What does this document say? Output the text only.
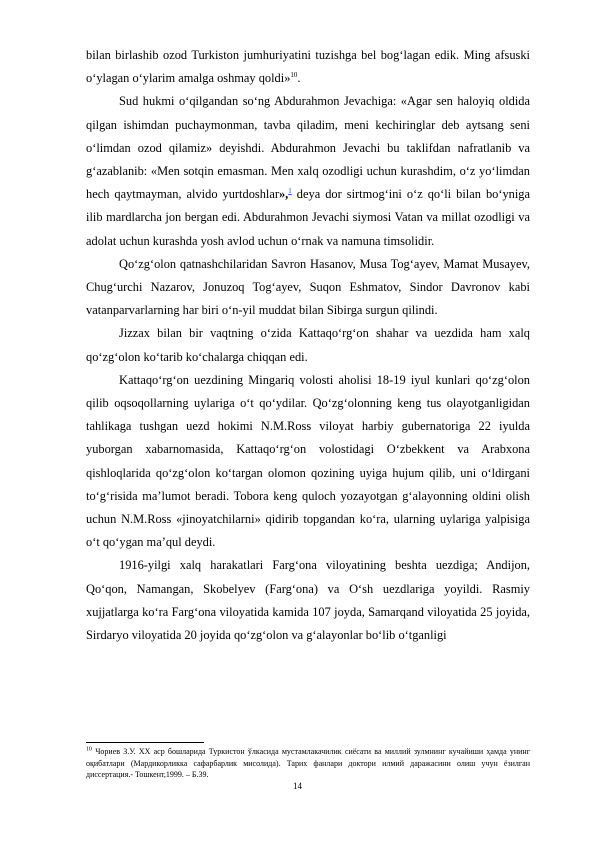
bilan birlashib ozod Turkiston jumhuriyatini tuzishga bel bog‘lagan edik. Ming afsuski o‘ylagan o‘ylarim amalga oshmay qoldi»$^{10}$.

Sud hukmi o‘qilgandan so‘ng Abdurahmon Jevachiga: «Agar sen haloyiq oldida qilgan ishimdan puchaymonman, tavba qiladim, meni kechiringlar deb aytsang seni o‘limdan ozod qilamiz» deyishdi. Abdurahmon Jevachi bu taklifdan nafratlanib va g‘azablanib: «Men sotqin emasman. Men xalq ozodligi uchun kurashdim, o‘z yo‘limdan hech qaytmayman, alvido yurtdoshlar»,$^1$ deya dor sirtmog‘ini o‘z qo‘li bilan bo‘yniga ilib mardlarcha jon bergan edi. Abdurahmon Jevachi siymosi Vatan va millat ozodligi va adolat uchun kurashda yosh avlod uchun o‘rnak va namuna timsolidir.

Qo‘zg‘olon qatnashchilaridan Savron Hasanov, Musa Tog‘ayev, Mamat Musayev, Chug‘urchi Nazarov, Jonuzoq Tog‘ayev, Suqon Eshmatov, Sindor Davronov kabi vatanparvarlarning har biri o‘n-yil muddat bilan Sibirga surgun qilindi.

Jizzax bilan bir vaqtning o‘zida Kattaqo‘rg‘on shahar va uezdida ham xalq qo‘zg‘olon ko‘tarib ko‘chalarga chiqqan edi.

Kattaqo‘rg‘on uezdining Mingariq volosti aholisi 18-19 iyul kunlari qo‘zg‘olon qilib oqsoqollarning uylariga o‘t qo‘ydilar. Qo‘zg‘olonning keng tus olayotganligidan tahlikaga tushgan uezd hokimi N.M.Ross viloyat harbiy gubernatoriga 22 iyulda yuborgan xabarnomasida, Kattaqo‘rg‘on volostidagi O‘zbekkent va Arabxona qishloqlarida qo‘zg‘olon ko‘targan olomon qozining uyiga hujum qilib, uni o‘ldirgani to‘g‘risida ma’lumot beradi. Tobora keng quloch yozayotgan g‘alayonning oldini olish uchun N.M.Ross «jinoyatchilarni» qidirib topgandan ko‘ra, ularning uylariga yalpisiga o‘t qo‘ygan ma’qul deydi.

1916-yilgi xalq harakatlari Farg‘ona viloyatining beshta uezdiga; Andijon, Qo‘qon, Namangan, Skobelyev (Farg‘ona) va O‘sh uezdlariga yoyildi. Rasmiy xujjatlarga ko‘ra Farg‘ona viloyatida kamida 107 joyda, Samarqand viloyatida 25 joyida, Sirdaryo viloyatida 20 joyida qo‘zg‘olon va g‘alayonlar bo‘lib o‘tganligi

$^{10}$ Чориев З.У. XX аср бошларида Туркистон ўлкасида мустамлакачилик сиёсати ва миллий зулмнинг кучайиши ҳамда унинг оқибатлари (Мардикорликка сафарбарлик мисолида). Тарих фанлари доктори илмий даражасини олиш учун ёзилган диссертация.- Тошкент,1999. – Б.39.
14
